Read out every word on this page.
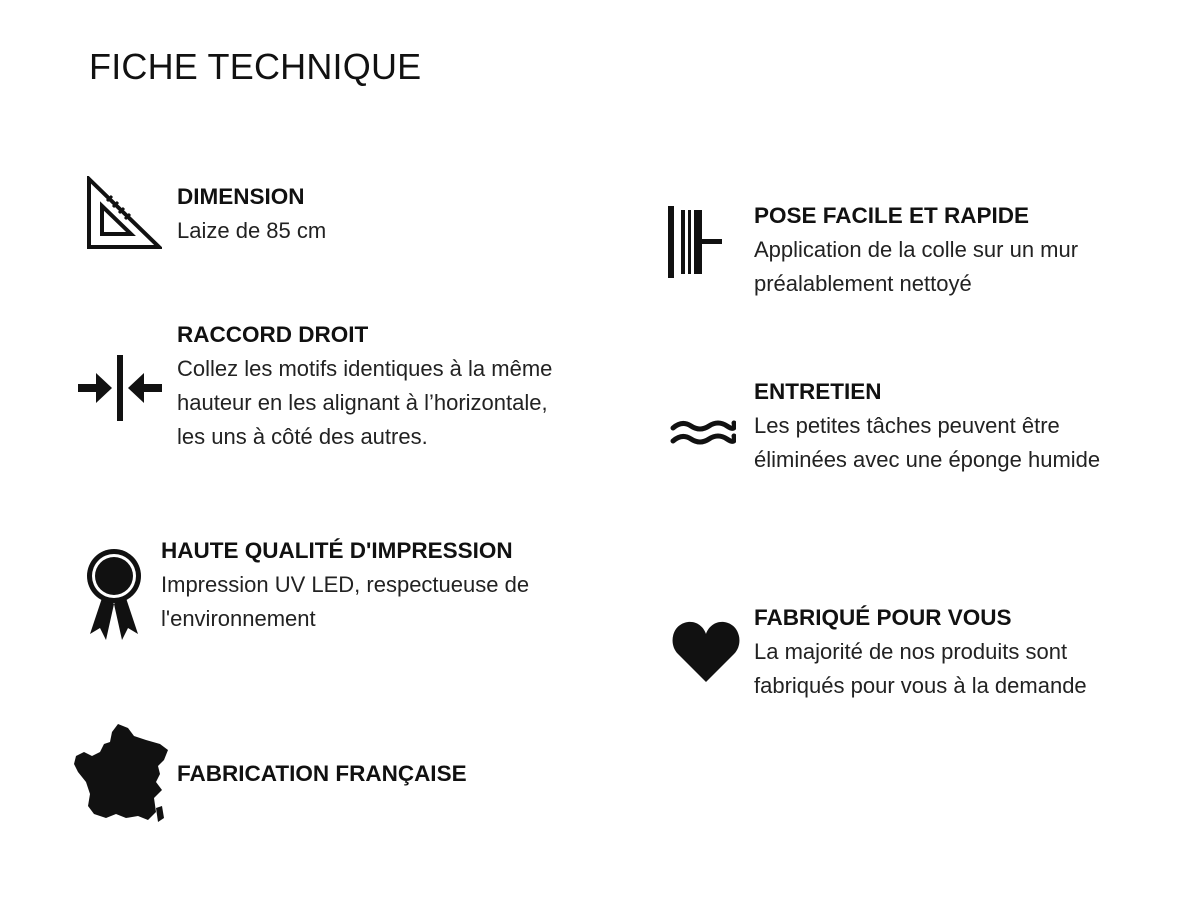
FICHE TECHNIQUE
DIMENSION
Laize de 85 cm
RACCORD DROIT
Collez les motifs identiques à la même
hauteur en les alignant à l’horizontale,
les uns à côté des autres.
HAUTE QUALITÉ D'IMPRESSION
Impression UV LED, respectueuse de
l'environnement
FABRICATION FRANÇAISE
POSE FACILE ET RAPIDE
Application de la colle sur un mur
préalablement nettoyé
ENTRETIEN
Les petites tâches peuvent être
éliminées avec une éponge humide
FABRIQUÉ POUR VOUS
La majorité de nos produits sont
fabriqués pour vous à la demande
